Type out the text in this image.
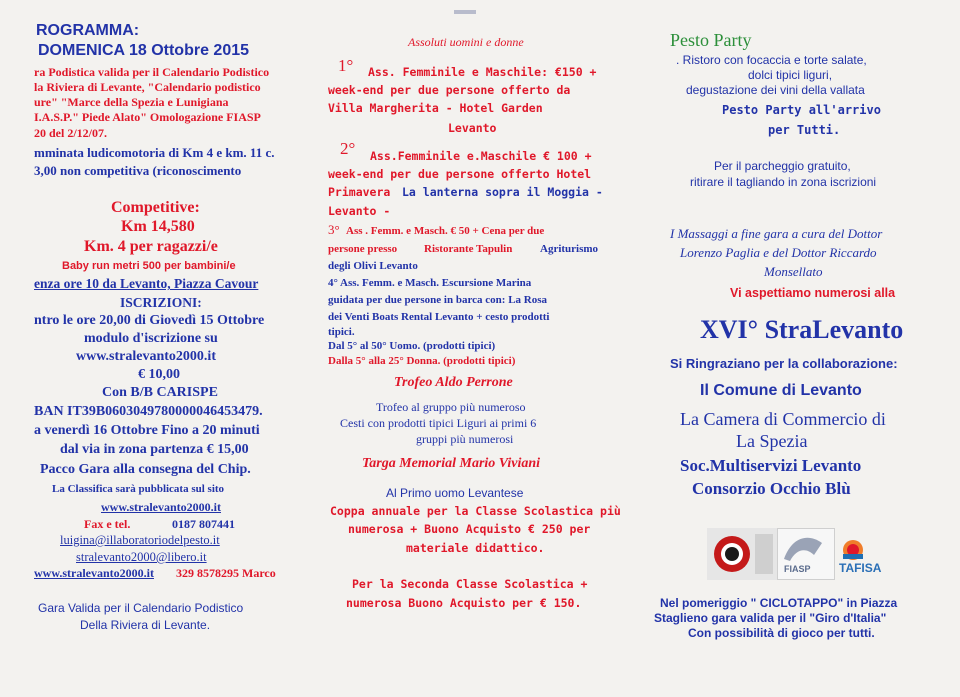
ROGRAMMA:
DOMENICA 18 Ottobre 2015
ra Podistica valida per il Calendario Podistico
la Riviera di Levante, "Calendario podistico
ure" "Marce della Spezia e Lunigiana
I.A.S.P." Piede Alato" Omologazione FIASP
20 del 2/12/07.
mminata ludicomotoria di Km 4 e km. 11 c.
3,00 non competitiva (riconoscimento
Competitive:
Km 14,580
Km. 4 per ragazzi/e
Baby run metri 500 per bambini/e
enza ore 10 da Levanto, Piazza Cavour
ISCRIZIONI:
ntro le ore 20,00 di Giovedì 15 Ottobre
modulo d'iscrizione su
www.stralevanto2000.it
€ 10,00
Con B/B CARISPE
BAN IT39B0603049780000046453479.
a venerdì 16 Ottobre Fino a 20 minuti
dal via in zona partenza € 15,00
Pacco Gara alla consegna del Chip.
La Classifica sarà pubblicata sul sito
www.stralevanto2000.it
Fax e tel.	0187 807441
luigina@illaboratoriodelpesto.it
stralevanto2000@libero.it
www.stralevanto2000.it 329 8578295 Marco
Gara Valida per il Calendario Podistico
Della Riviera di Levante.
Assoluti uomini e donne
1° Ass. Femminile e Maschile: €150 +
week-end per due persone offerto da
Villa Margherita - Hotel Garden
Levanto
2° Ass.Femminile e.Maschile € 100 +
week-end per due persone offerto Hotel
Primavera La lanterna sopra il Moggia -
Levanto -
3° Ass . Femm. e Masch. € 50 + Cena per due
persone presso Ristorante Tapulin	Agriturismo
degli Olivi Levanto
4° Ass. Femm. e Masch. Escursione Marina
guidata per due persone in barca con: La Rosa
dei Venti Boats Rental Levanto + cesto prodotti
tipici.
Dal 5° al 50° Uomo. (prodotti tipici)
Dalla 5° alla 25° Donna. (prodotti tipici)
Trofeo Aldo Perrone
Trofeo al gruppo più numeroso
Cesti con prodotti tipici Liguri ai primi 6
gruppi più numerosi
Targa Memorial Mario Viviani
Al Primo uomo Levantese
Coppa annuale per la Classe Scolastica più
numerosa + Buono Acquisto € 250 per
materiale didattico.
Per la Seconda Classe Scolastica +
numerosa Buono Acquisto per € 150.
Pesto Party
. Ristoro con focaccia e torte salate,
dolci tipici liguri,
degustazione dei vini della vallata
Pesto Party all'arrivo
per Tutti.
Per il parcheggio gratuito,
ritirare il tagliando in zona iscrizioni
I Massaggi a fine gara a cura del Dottor
Lorenzo Paglia e del Dottor Riccardo
Monsellato
Vi aspettiamo numerosi alla
XVI° StraLevanto
Si Ringraziano per la collaborazione:
Il Comune di Levanto
La Camera di Commercio di
La Spezia
Soc.Multiservizi Levanto
Consorzio Occhio Blù
FIASP TAFISA
Nel pomeriggio " CICLOTAPPO" in Piazza
Staglieno gara valida per il "Giro d'Italia"
Con possibilità di gioco per tutti.
